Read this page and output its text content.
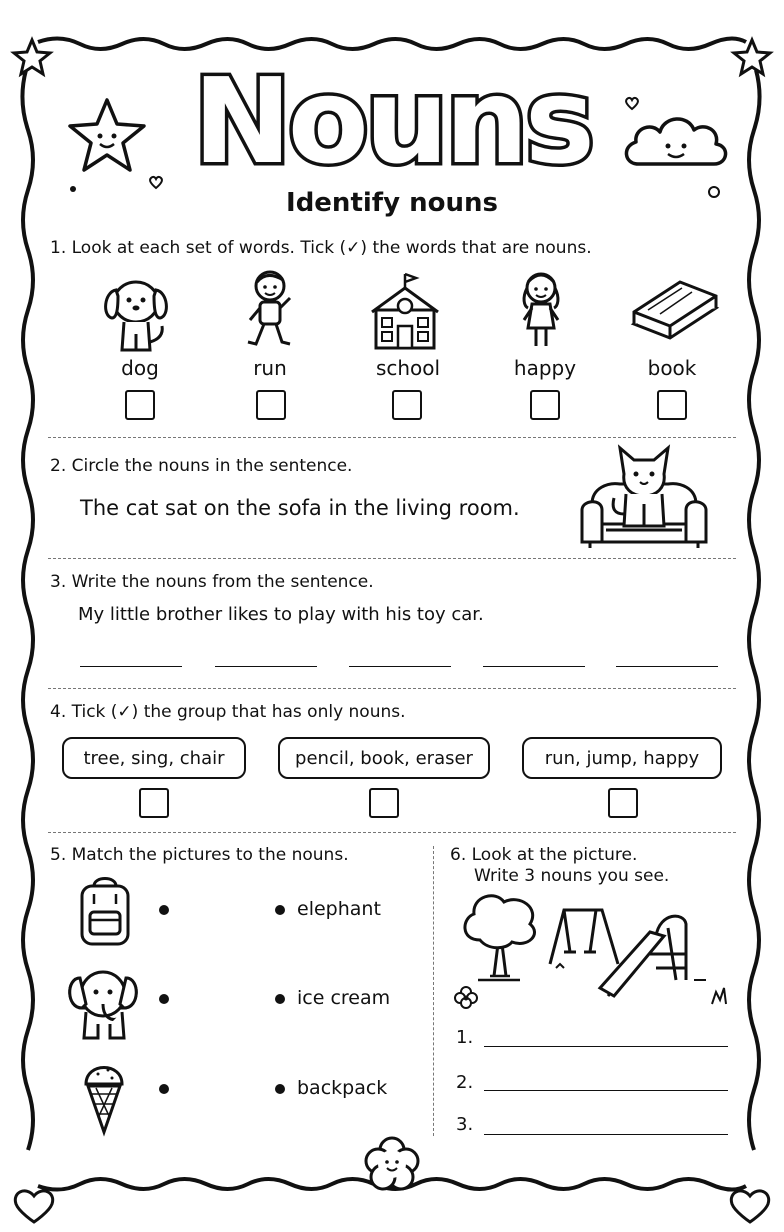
Nouns
Identify nouns
1. Look at each set of words. Tick (✓) the words that are nouns.
dog	run	school	happy	book
2. Circle the nouns in the sentence.
The cat sat on the sofa in the living room.
3. Write the nouns from the sentence.
My little brother likes to play with his toy car.
4. Tick (✓) the group that has only nouns.
tree, sing, chair	pencil, book, eraser	run, jump, happy
5. Match the pictures to the nouns.
elephant
ice cream
backpack
6. Look at the picture.
Write 3 nouns you see.
1.
2.
3.
